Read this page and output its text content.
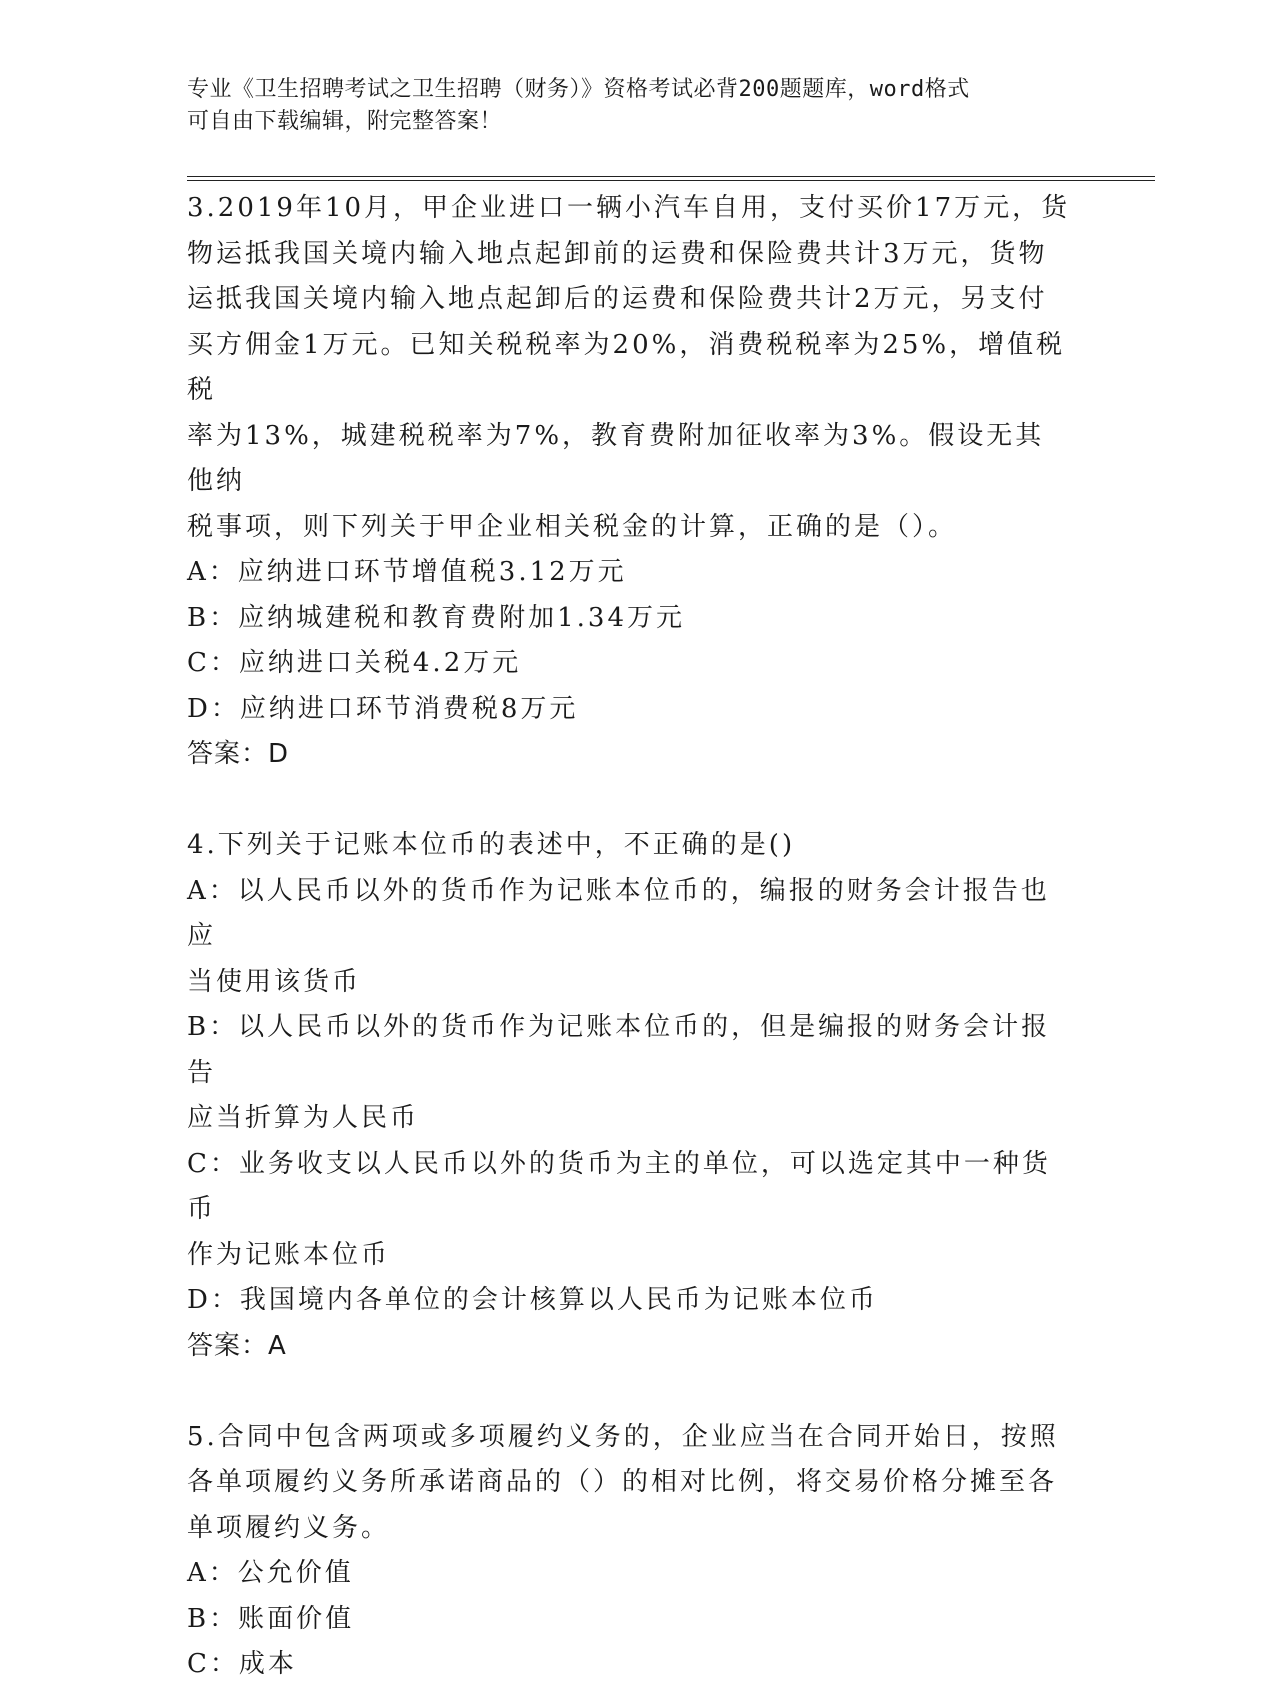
专业《卫生招聘考试之卫生招聘（财务）》资格考试必背200题题库，word格式
可自由下载编辑，附完整答案！
3.2019年10月，甲企业进口一辆小汽车自用，支付买价17万元，货
物运抵我国关境内输入地点起卸前的运费和保险费共计3万元，货物
运抵我国关境内输入地点起卸后的运费和保险费共计2万元，另支付
买方佣金1万元。已知关税税率为20%，消费税税率为25%，增值税税
率为13%，城建税税率为7%，教育费附加征收率为3%。假设无其他纳
税事项，则下列关于甲企业相关税金的计算，正确的是（）。
A：应纳进口环节增值税3.12万元
B：应纳城建税和教育费附加1.34万元
C：应纳进口关税4.2万元
D：应纳进口环节消费税8万元
答案：D
4.下列关于记账本位币的表述中，不正确的是()
A：以人民币以外的货币作为记账本位币的，编报的财务会计报告也应
当使用该货币
B：以人民币以外的货币作为记账本位币的，但是编报的财务会计报告
应当折算为人民币
C：业务收支以人民币以外的货币为主的单位，可以选定其中一种货币
作为记账本位币
D：我国境内各单位的会计核算以人民币为记账本位币
答案：A
5.合同中包含两项或多项履约义务的，企业应当在合同开始日，按照
各单项履约义务所承诺商品的（）的相对比例，将交易价格分摊至各
单项履约义务。
A：公允价值
B：账面价值
C：成本
